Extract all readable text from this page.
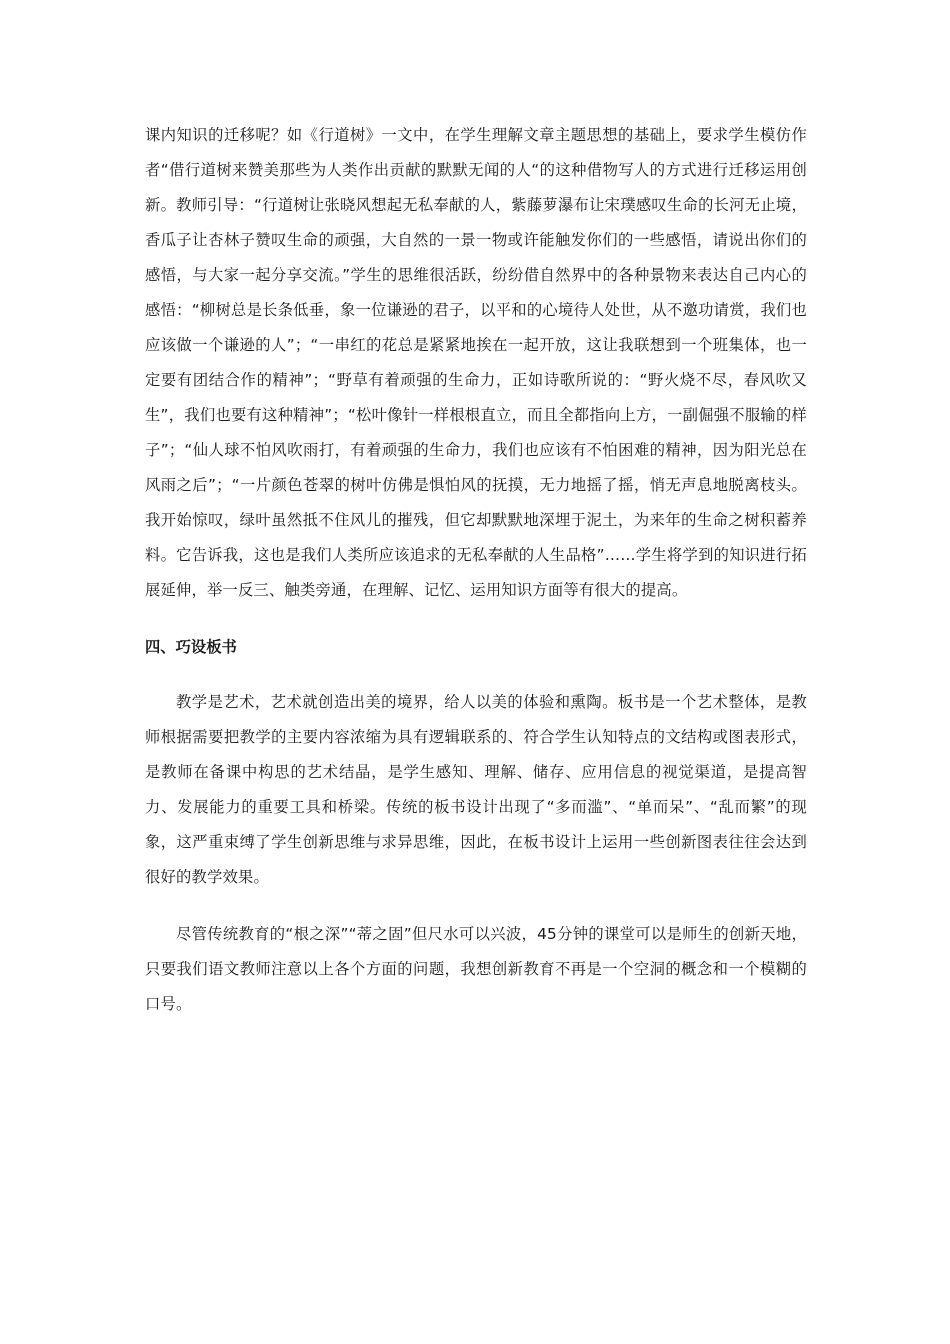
课内知识的迁移呢？如《行道树》一文中，在学生理解文章主题思想的基础上，要求学生模仿作者“借行道树来赞美那些为人类作出贡献的默默无闻的人“的这种借物写人的方式进行迁移运用创新。教师引导：“行道树让张晓风想起无私奉献的人，紫藤萝瀑布让宋璞感叹生命的长河无止境，香瓜子让杏林子赞叹生命的顽强，大自然的一景一物或许能触发你们的一些感悟，请说出你们的感悟，与大家一起分享交流。”学生的思维很活跃，纷纷借自然界中的各种景物来表达自己内心的感悟：“柳树总是长条低垂，象一位谦逊的君子，以平和的心境待人处世，从不邀功请赏，我们也应该做一个谦逊的人”；“一串红的花总是紧紧地挨在一起开放，这让我联想到一个班集体，也一定要有团结合作的精神”；“野草有着顽强的生命力，正如诗歌所说的：“野火烧不尽，春风吹又生”，我们也要有这种精神”；“松叶像针一样根根直立，而且全都指向上方，一副倔强不服输的样子”；“仙人球不怕风吹雨打，有着顽强的生命力，我们也应该有不怕困难的精神，因为阳光总在风雨之后”；“一片颜色苍翠的树叶仿佛是惧怕风的抚摸，无力地摇了摇，悄无声息地脱离枝头。我开始惊叹，绿叶虽然抵不住风儿的摧残，但它却默默地深埋于泥土，为来年的生命之树积蓄养料。它告诉我，这也是我们人类所应该追求的无私奉献的人生品格”……学生将学到的知识进行拓展延伸，举一反三、触类旁通，在理解、记忆、运用知识方面等有很大的提高。

四、巧设板书

教学是艺术，艺术就创造出美的境界，给人以美的体验和熏陶。板书是一个艺术整体，是教师根据需要把教学的主要内容浓缩为具有逻辑联系的、符合学生认知特点的文结构或图表形式，是教师在备课中构思的艺术结晶，是学生感知、理解、储存、应用信息的视觉渠道，是提高智力、发展能力的重要工具和桥梁。传统的板书设计出现了“多而滥”、“单而呆”、“乱而繁”的现象，这严重束缚了学生创新思维与求异思维，因此，在板书设计上运用一些创新图表往往会达到很好的教学效果。

尽管传统教育的“根之深”“蒂之固”但尺水可以兴波，45分钟的课堂可以是师生的创新天地，只要我们语文教师注意以上各个方面的问题，我想创新教育不再是一个空洞的概念和一个模糊的口号。
